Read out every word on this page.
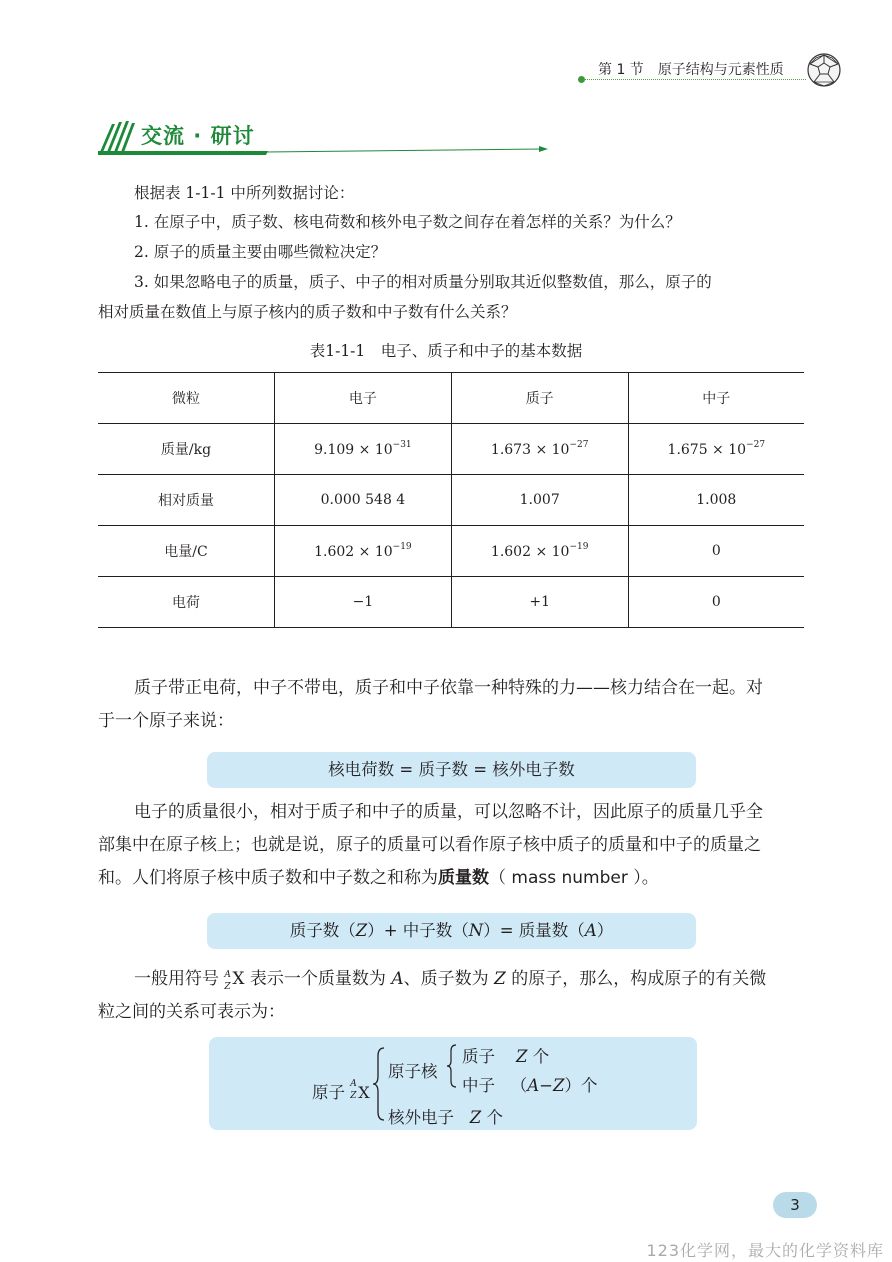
第 1 节 原子结构与元素性质
交流 · 研讨
根据表 1-1-1 中所列数据讨论：
1. 在原子中，质子数、核电荷数和核外电子数之间存在着怎样的关系？为什么？
2. 原子的质量主要由哪些微粒决定？
3. 如果忽略电子的质量，质子、中子的相对质量分别取其近似整数值，那么，原子的
相对质量在数值上与原子核内的质子数和中子数有什么关系？
表1-1-1　电子、质子和中子的基本数据
微粒	电子	质子	中子
质量/kg	$9.109 \times 10^{-31}$	$1.673 \times 10^{-27}$	$1.675 \times 10^{-27}$
相对质量	0.000 548 4	1.007	1.008
电量/C	$1.602 \times 10^{-19}$	$1.602 \times 10^{-19}$	0
电荷	−1	+1	0
质子带正电荷，中子不带电，质子和中子依靠一种特殊的力——核力结合在一起。对
于一个原子来说：
核电荷数 = 质子数 = 核外电子数
电子的质量很小，相对于质子和中子的质量，可以忽略不计，因此原子的质量几乎全
部集中在原子核上；也就是说，原子的质量可以看作原子核中质子的质量和中子的质量之
和。人们将原子核中质子数和中子数之和称为质量数（ mass number ）。
质子数（Z）+ 中子数（N）= 质量数（A）
一般用符号 A
Z X 表示一个质量数为 A、质子数为 Z 的原子，那么，构成原子的有关微
粒之间的关系可表示为：
原子 A
Z X
原子核
质子 Z 个
中子 （A−Z）个
核外电子 Z 个
3
123化学网，最大的化学资料库
